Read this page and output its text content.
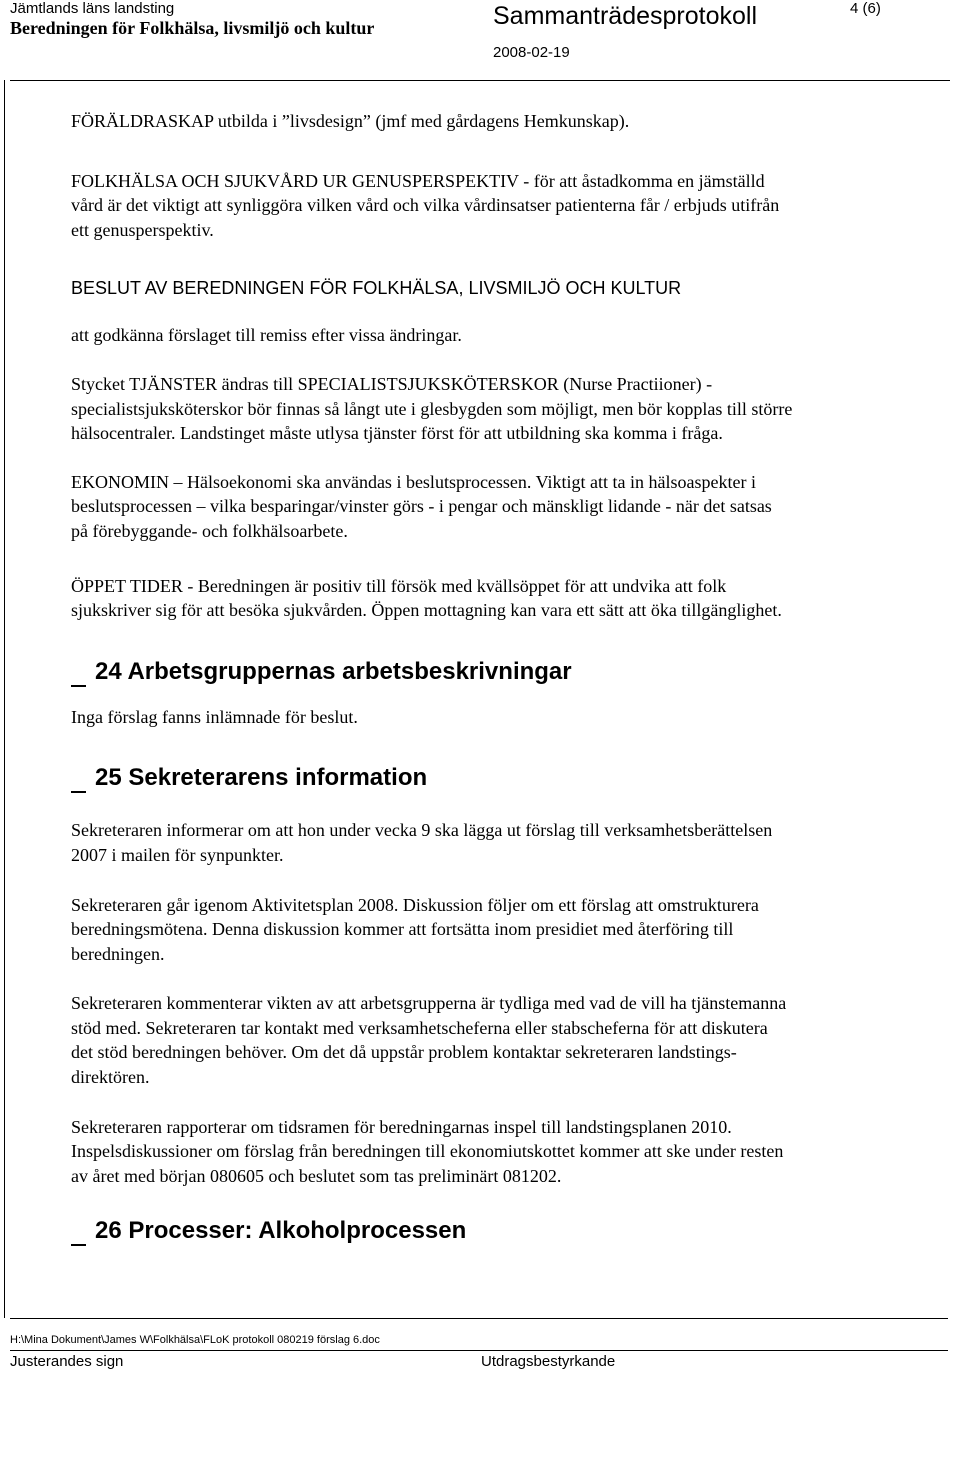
Jämtlands läns landsting
Beredningen för Folkhälsa, livsmiljö och kultur	Sammanträdesprotokoll	4 (6)
2008-02-19

FÖRÄLDRASKAP utbilda i ”livsdesign” (jmf med gårdagens Hemkunskap).

FOLKHÄLSA OCH SJUKVÅRD UR GENUSPERSPEKTIV - för att åstadkomma en jämställd
vård är det viktigt att synliggöra vilken vård och vilka vårdinsatser patienterna får / erbjuds utifrån
ett genusperspektiv.

BESLUT AV BEREDNINGEN FÖR FOLKHÄLSA, LIVSMILJÖ OCH KULTUR

att godkänna förslaget till remiss efter vissa ändringar.

Stycket TJÄNSTER ändras till SPECIALISTSJUKSKÖTERSKOR (Nurse Practiioner) -
specialistsjuksköterskor bör finnas så långt ute i glesbygden som möjligt, men bör kopplas till större
hälsocentraler. Landstinget måste utlysa tjänster först för att utbildning ska komma i fråga.
EKONOMIN – Hälsoekonomi ska användas i beslutsprocessen. Viktigt att ta in hälsoaspekter i
beslutsprocessen – vilka besparingar/vinster görs - i pengar och mänskligt lidande - när det satsas
på förebyggande- och folkhälsoarbete.
ÖPPET TIDER - Beredningen är positiv till försök med kvällsöppet för att undvika att folk
sjukskriver sig för att besöka sjukvården. Öppen mottagning kan vara ett sätt att öka tillgänglighet.
24 Arbetsgruppernas arbetsbeskrivningar

Inga förslag fanns inlämnade för beslut.

25 Sekreterarens information
Sekreteraren informerar om att hon under vecka 9 ska lägga ut förslag till verksamhetsberättelsen
2007 i mailen för synpunkter.
Sekreteraren går igenom Aktivitetsplan 2008. Diskussion följer om ett förslag att omstrukturera
beredningsmötena. Denna diskussion kommer att fortsätta inom presidiet med återföring till
beredningen.
Sekreteraren kommenterar vikten av att arbetsgrupperna är tydliga med vad de vill ha tjänstemanna
stöd med. Sekreteraren tar kontakt med verksamhetscheferna eller stabscheferna för att diskutera
det stöd beredningen behöver. Om det då uppstår problem kontaktar sekreteraren landstings-
direktören.
Sekreteraren rapporterar om tidsramen för beredningarnas inspel till landstingsplanen 2010.
Inspelsdiskussioner om förslag från beredningen till ekonomiutskottet kommer att ske under resten
av året med början 080605 och beslutet som tas preliminärt 081202.
26 Processer: Alkoholprocessen
H:\Mina Dokument\James W\Folkhälsa\FLoK protokoll 080219 förslag 6.doc
Justerandes sign	Utdragsbestyrkande
